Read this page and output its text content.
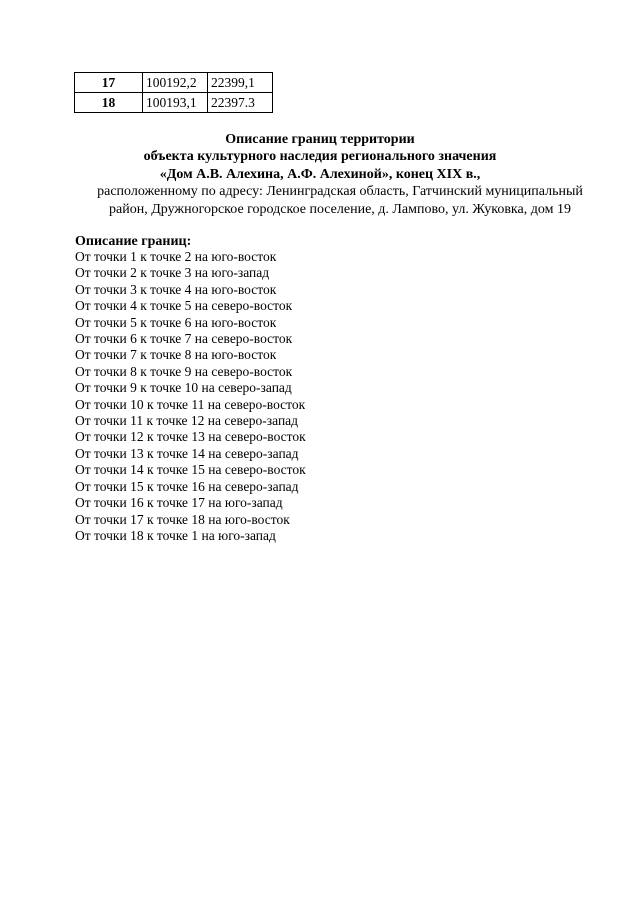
17	100192,2	22399,1
18	100193,1	22397.3

Описание границ территории

объекта культурного наследия регионального значения

«Дом А.В. Алехина, А.Ф. Алехиной», конец XIX в.,

расположенному по адресу: Ленинградская область, Гатчинский муниципальный

район, Дружногорское городское поселение, д. Лампово, ул. Жуковка, дом 19

Описание границ:

От точки 1 к точке 2 на юго-восток
От точки 2 к точке 3 на юго-запад
От точки 3 к точке 4 на юго-восток
От точки 4 к точке 5 на северо-восток
От точки 5 к точке 6 на юго-восток
От точки 6 к точке 7 на северо-восток
От точки 7 к точке 8 на юго-восток
От точки 8 к точке 9 на северо-восток
От точки 9 к точке 10 на северо-запад
От точки 10 к точке 11 на северо-восток
От точки 11 к точке 12 на северо-запад
От точки 12 к точке 13 на северо-восток
От точки 13 к точке 14 на северо-запад
От точки 14 к точке 15 на северо-восток
От точки 15 к точке 16 на северо-запад
От точки 16 к точке 17 на юго-запад
От точки 17 к точке 18 на юго-восток
От точки 18 к точке 1 на юго-запад
